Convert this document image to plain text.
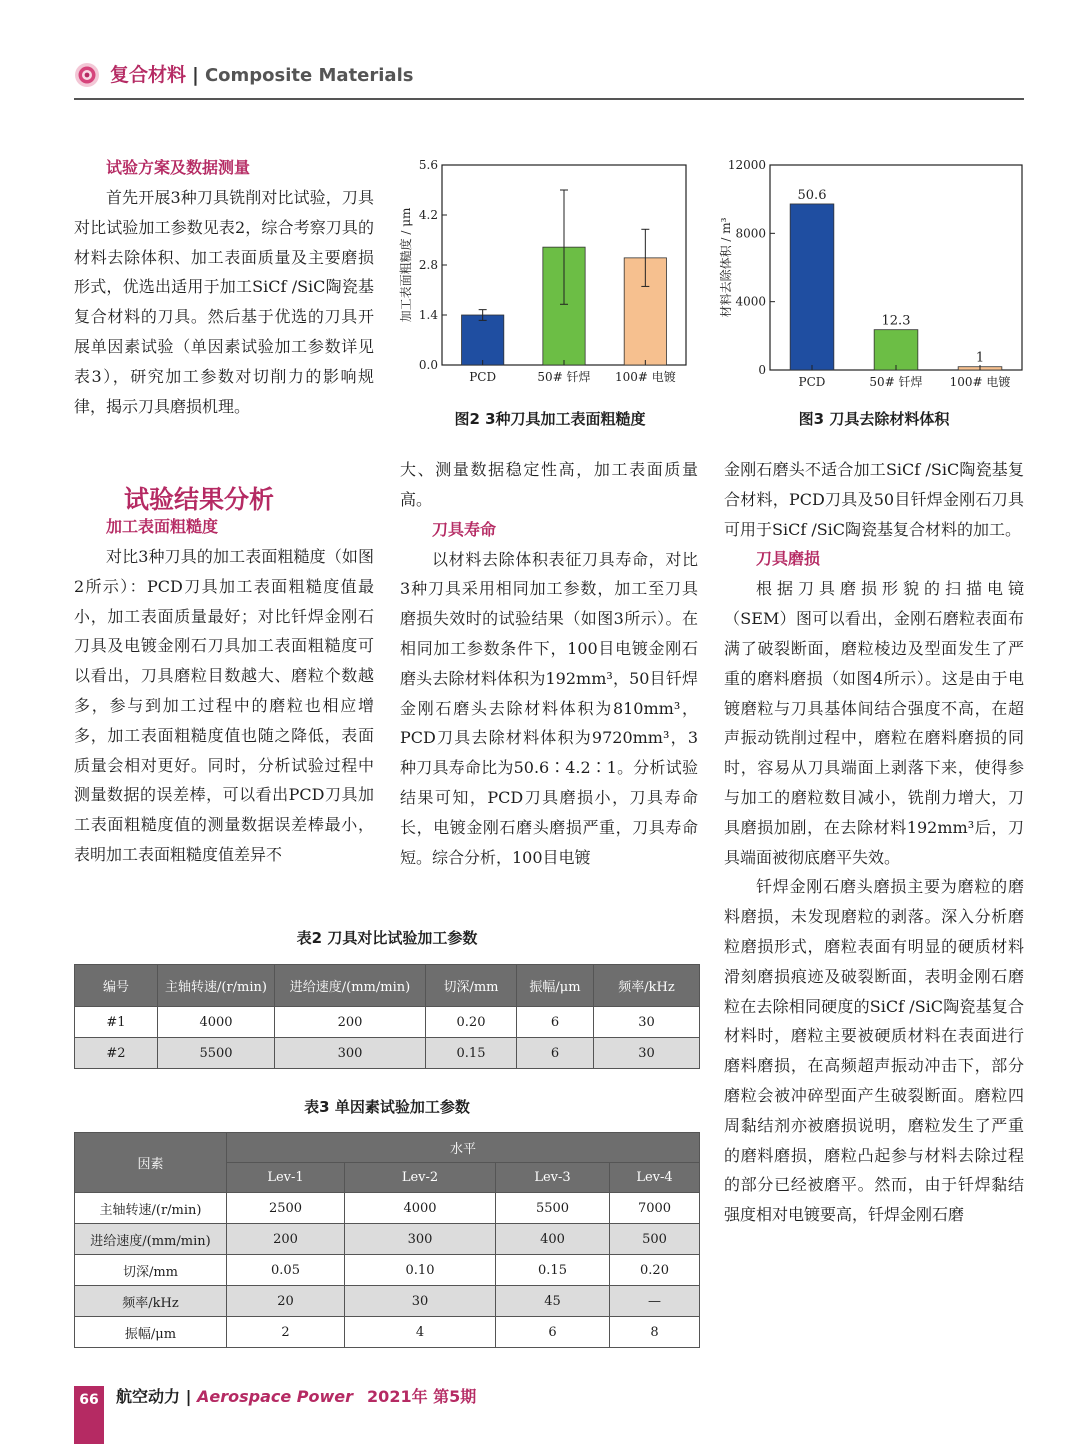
复合材料 | Composite Materials

试验方案及数据测量

首先开展3种刀具铣削对比试验，刀具对比试验加工参数见表2，综合考察刀具的材料去除体积、加工表面质量及主要磨损形式，优选出适用于加工SiCf /SiC陶瓷基复合材料的刀具。然后基于优选的刀具开展单因素试验（单因素试验加工参数详见表3），研究加工参数对切削力的影响规律，揭示刀具磨损机理。

试验结果分析

加工表面粗糙度

对比3种刀具的加工表面粗糙度（如图2所示）：PCD刀具加工表面粗糙度值最小，加工表面质量最好；对比钎焊金刚石刀具及电镀金刚石刀具加工表面粗糙度可以看出，刀具磨粒目数越大、磨粒个数越多，参与到加工过程中的磨粒也相应增多，加工表面粗糙度值也随之降低，表面质量会相对更好。同时，分析试验过程中测量数据的误差棒，可以看出PCD刀具加工表面粗糙度值的测量数据误差棒最小，表明加工表面粗糙度值差异不

0.0
1.4
2.8
4.2
5.6
PCD	50# 钎焊 100# 电镀
加工表面粗糙度 / μm
图2 3种刀具加工表面粗糙度
0
4000
8000
12000
PCD
50.6
50# 钎焊
12.3
100# 电镀
1
材料去除体积 / m³
图3 刀具去除材料体积

大、测量数据稳定性高，加工表面质量高。

刀具寿命

以材料去除体积表征刀具寿命，对比3种刀具采用相同加工参数，加工至刀具磨损失效时的试验结果（如图3所示）。在相同加工参数条件下，100目电镀金刚石磨头去除材料体积为192mm³，50目钎焊金刚石磨头去除材料体积为810mm³，PCD刀具去除材料体积为9720mm³，3种刀具寿命比为50.6∶4.2∶1。分析试验结果可知，PCD刀具磨损小，刀具寿命长，电镀金刚石磨头磨损严重，刀具寿命短。综合分析，100目电镀

金刚石磨头不适合加工SiCf /SiC陶瓷基复合材料，PCD刀具及50目钎焊金刚石刀具可用于SiCf /SiC陶瓷基复合材料的加工。

刀具磨损

根据刀具磨损形貌的扫描电镜（SEM）图可以看出，金刚石磨粒表面布满了破裂断面，磨粒棱边及型面发生了严重的磨料磨损（如图4所示）。这是由于电镀磨粒与刀具基体间结合强度不高，在超声振动铣削过程中，磨粒在磨料磨损的同时，容易从刀具端面上剥落下来，使得参与加工的磨粒数目减小，铣削力增大，刀具磨损加剧，在去除材料192mm³后，刀具端面被彻底磨平失效。

钎焊金刚石磨头磨损主要为磨粒的磨料磨损，未发现磨粒的剥落。深入分析磨粒磨损形式，磨粒表面有明显的硬质材料滑刻磨损痕迹及破裂断面，表明金刚石磨粒在去除相同硬度的SiCf /SiC陶瓷基复合材料时，磨粒主要被硬质材料在表面进行磨料磨损，在高频超声振动冲击下，部分磨粒会被冲碎型面产生破裂断面。磨粒四周黏结剂亦被磨损说明，磨粒发生了严重的磨料磨损，磨粒凸起参与材料去除过程的部分已经被磨平。然而，由于钎焊黏结强度相对电镀要高，钎焊金刚石磨

表2 刀具对比试验加工参数
编号	主轴转速/(r/min)	进给速度/(mm/min)	切深/mm	振幅/μm	频率/kHz
#1	4000	200	0.20	6	30
#2	5500	300	0.15	6	30
表3 单因素试验加工参数
因素	水平			
	Lev-1	Lev-2	Lev-3	Lev-4
主轴转速/(r/min)	2500	4000	5500	7000
进给速度/(mm/min)	200	300	400	500
切深/mm	0.05	0.10	0.15	0.20
频率/kHz	20	30	45	—
振幅/μm	2	4	6	8
66	航空动力 | Aerospace Power 2021年 第5期
